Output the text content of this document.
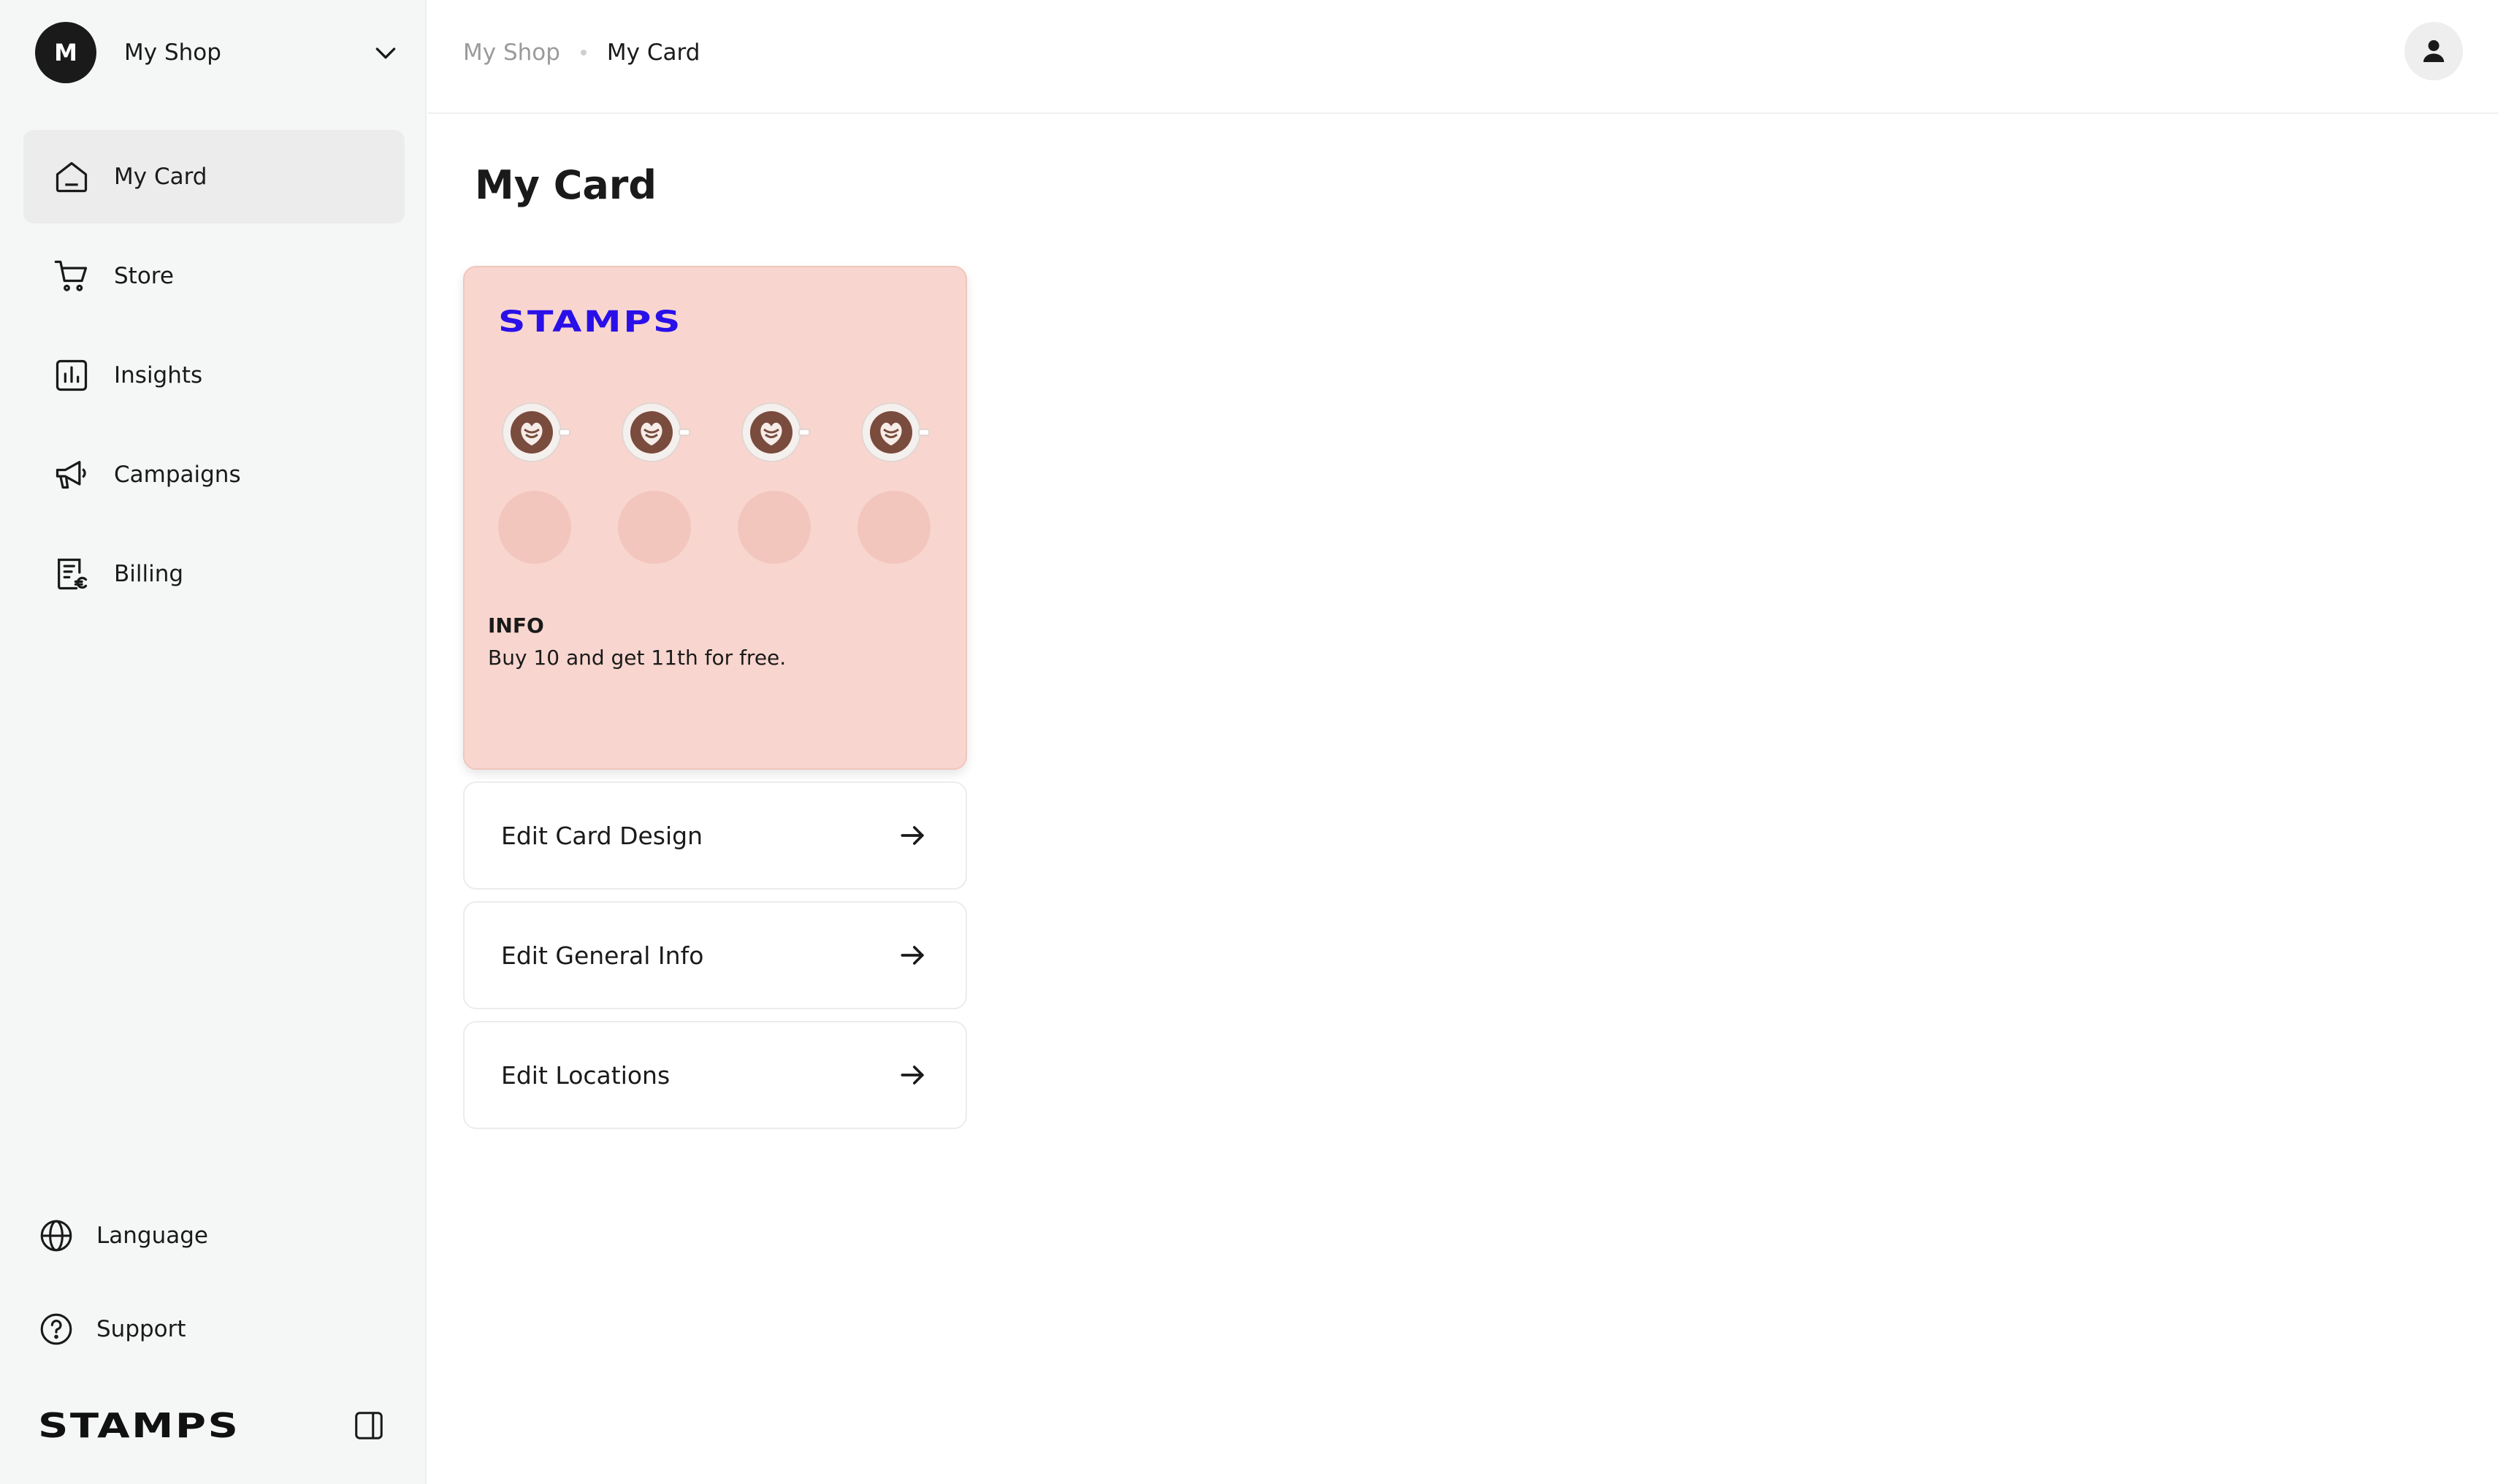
M	My Shop
My Card
Store
Insights
Campaigns
Billing
Language
Support
STAMPS
My Shop My Card
My Card
STAMPS
INFO
Buy 10 and get 11th for free.
Edit Card Design
Edit General Info
Edit Locations
